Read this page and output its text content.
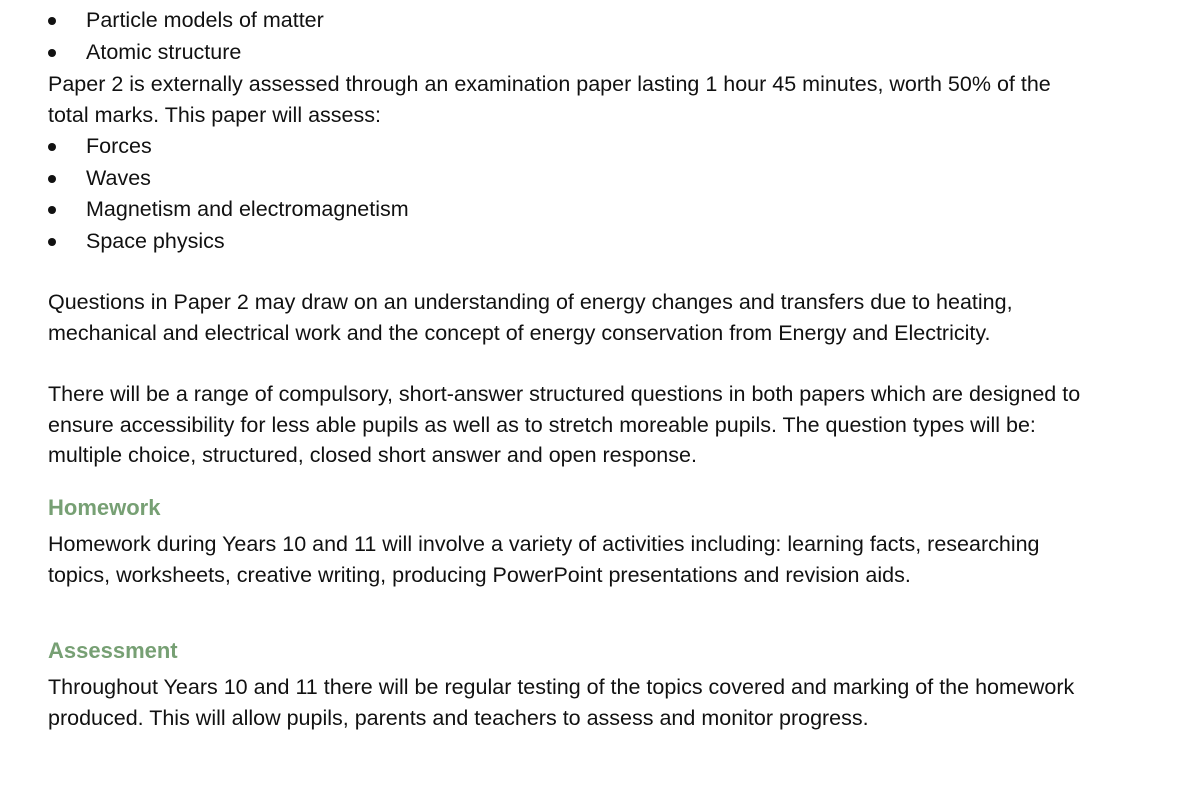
Particle models of matter
Atomic structure

Paper 2 is externally assessed through an examination paper lasting 1 hour 45 minutes, worth 50% of the
total marks. This paper will assess:

Forces
Waves
Magnetism and electromagnetism
Space physics

Questions in Paper 2 may draw on an understanding of energy changes and transfers due to heating,
mechanical and electrical work and the concept of energy conservation from Energy and Electricity.

There will be a range of compulsory, short-answer structured questions in both papers which are designed to
ensure accessibility for less able pupils as well as to stretch moreable pupils. The question types will be:
multiple choice, structured, closed short answer and open response.

Homework

Homework during Years 10 and 11 will involve a variety of activities including: learning facts, researching
topics, worksheets, creative writing, producing PowerPoint presentations and revision aids.

Assessment

Throughout Years 10 and 11 there will be regular testing of the topics covered and marking of the homework
produced. This will allow pupils, parents and teachers to assess and monitor progress.
